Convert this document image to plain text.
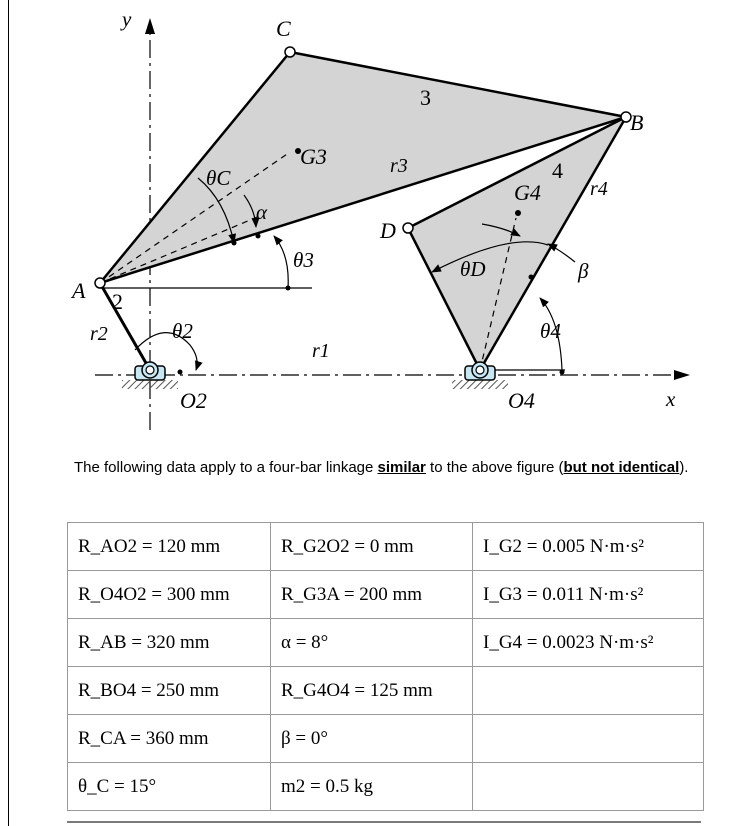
y
x
C
B
A
D
G3
G4
O2	O4
3
4
2
r2
r1
r3
r4
θC
α
θ3
θ2
θD
θ4
β
The following data apply to a four-bar linkage similar to the above figure (but not identical).
R_AO2 = 120 mm	R_G2O2 = 0 mm	I_G2 = 0.005 N·m·s²
R_O4O2 = 300 mm	R_G3A = 200 mm	I_G3 = 0.011 N·m·s²
R_AB = 320 mm	α = 8°	I_G4 = 0.0023 N·m·s²
R_BO4 = 250 mm	R_G4O4 = 125 mm	
R_CA = 360 mm	β = 0°	
θ_C = 15°	m2 = 0.5 kg	
